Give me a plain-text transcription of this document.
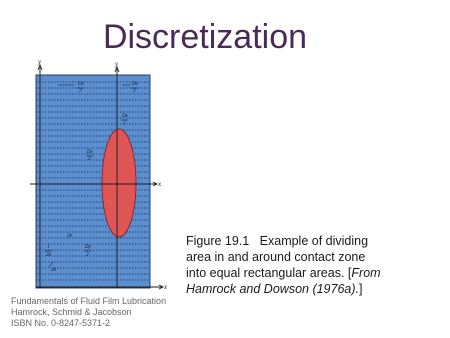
Discretization
y	y
x
x
Dx
2
Dx
2
Dx
2
Dy
2
2b
Dy
2
1
2b
2b
Figure 19.1 Example of dividing area in and around contact zone into equal rectangular areas. [From Hamrock and Dowson (1976a).]
Fundamentals of Fluid Film Lubrication
Hamrock, Schmid & Jacobson
ISBN No. 0-8247-5371-2
